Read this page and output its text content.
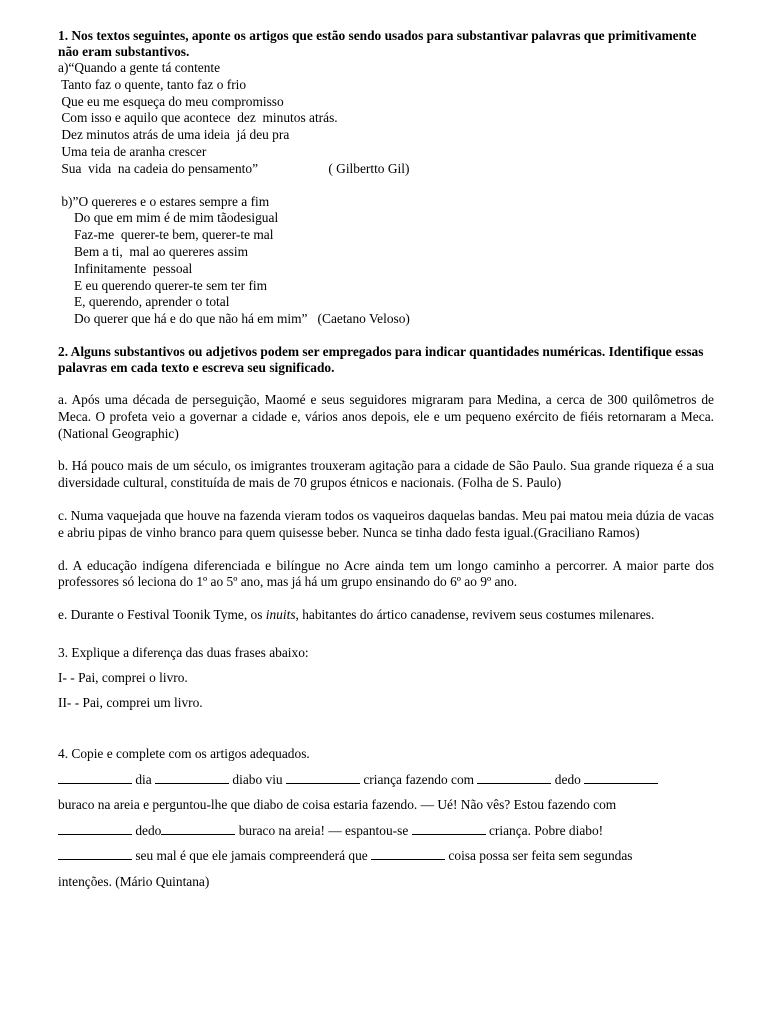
1. Nos textos seguintes, aponte os artigos que estão sendo usados para substantivar palavras que primitivamente não eram substantivos.

a)“Quando a gente tá contente

Tanto faz o quente, tanto faz o frio

Que eu me esqueça do meu compromisso

Com isso e aquilo que acontece  dez  minutos atrás.

Dez minutos atrás de uma ideia  já deu pra

Uma teia de aranha crescer

Sua  vida  na cadeia do pensamento”                     ( Gilbertto Gil)

b)”O quereres e o estares sempre a fim

Do que em mim é de mim tãodesigual

Faz-me  querer-te bem, querer-te mal

Bem a ti,  mal ao quereres assim

Infinitamente  pessoal

E eu querendo querer-te sem ter fim

E, querendo, aprender o total

Do querer que há e do que não há em mim”   (Caetano Veloso)

2. Alguns substantivos ou adjetivos podem ser empregados para indicar quantidades numéricas. Identifique essas palavras em cada texto e escreva seu significado.

a. Após uma década de perseguição, Maomé e seus seguidores migraram para Medina, a cerca de 300 quilômetros de Meca. O profeta veio a governar a cidade e, vários anos depois, ele e um pequeno exército de fiéis retornaram a Meca. (National Geographic)

b. Há pouco mais de um século, os imigrantes trouxeram agitação para a cidade de São Paulo. Sua grande riqueza é a sua diversidade cultural, constituída de mais de 70 grupos étnicos e nacionais. (Folha de S. Paulo)

c. Numa vaquejada que houve na fazenda vieram todos os vaqueiros daquelas bandas. Meu pai matou meia dúzia de vacas e abriu pipas de vinho branco para quem quisesse beber. Nunca se tinha dado festa igual.(Graciliano Ramos)

d. A educação indígena diferenciada e bilíngue no Acre ainda tem um longo caminho a percorrer. A maior parte dos professores só leciona do 1º ao 5º ano, mas já há um grupo ensinando do 6º ao 9º ano.

e. Durante o Festival Toonik Tyme, os inuits, habitantes do ártico canadense, revivem seus costumes milenares.

3. Explique a diferença das duas frases abaixo:

I- - Pai, comprei o livro.

II- - Pai, comprei um livro.

4. Copie e complete com os artigos adequados.

dia	diabo viu	criança fazendo com	dedo

buraco na areia e perguntou-lhe que diabo de coisa estaria fazendo. — Ué! Não vês? Estou fazendo com

dedo	buraco na areia! — espantou-se	criança. Pobre diabo!

seu mal é que ele jamais compreenderá que	coisa possa ser feita sem segundas

intenções. (Mário Quintana)
